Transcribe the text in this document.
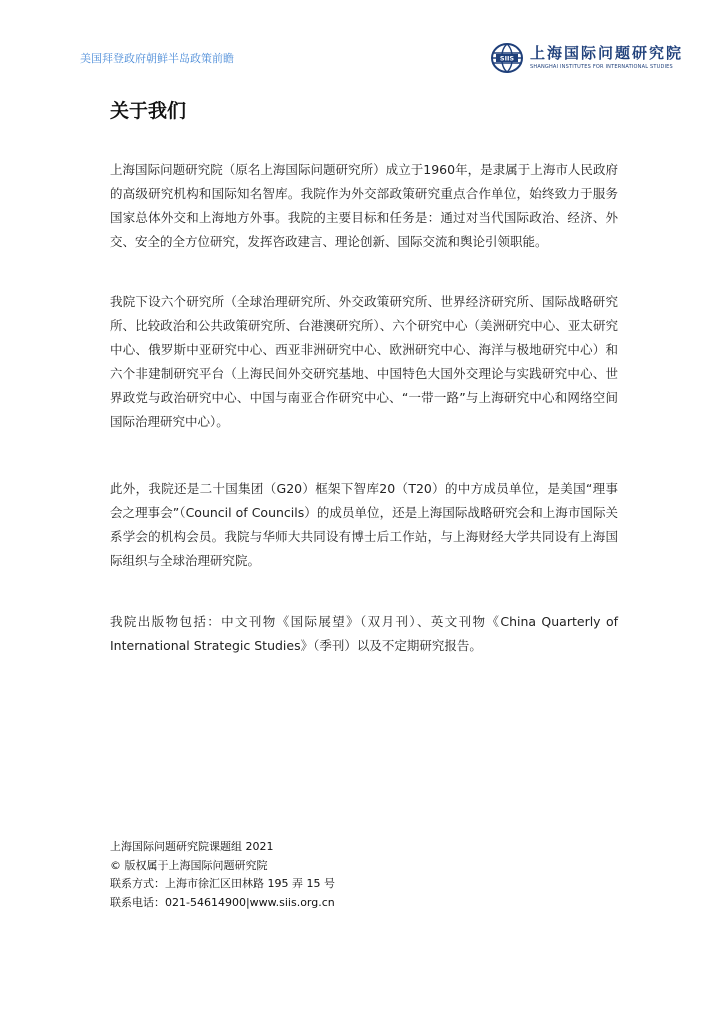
美国拜登政府朝鲜半岛政策前瞻	SIIS 上海国际问题研究院
SHANGHAI INSTITUTES FOR INTERNATIONAL STUDIES
关于我们

上海国际问题研究院（原名上海国际问题研究所）成立于1960年，是隶属于上海市人民政府的高级研究机构和国际知名智库。我院作为外交部政策研究重点合作单位，始终致力于服务国家总体外交和上海地方外事。我院的主要目标和任务是：通过对当代国际政治、经济、外交、安全的全方位研究，发挥咨政建言、理论创新、国际交流和舆论引领职能。

我院下设六个研究所（全球治理研究所、外交政策研究所、世界经济研究所、国际战略研究所、比较政治和公共政策研究所、台港澳研究所）、六个研究中心（美洲研究中心、亚太研究中心、俄罗斯中亚研究中心、西亚非洲研究中心、欧洲研究中心、海洋与极地研究中心）和六个非建制研究平台（上海民间外交研究基地、中国特色大国外交理论与实践研究中心、世界政党与政治研究中心、中国与南亚合作研究中心、“一带一路”与上海研究中心和网络空间国际治理研究中心）。

此外，我院还是二十国集团（G20）框架下智库20（T20）的中方成员单位，是美国“理事会之理事会”（Council of Councils）的成员单位，还是上海国际战略研究会和上海市国际关系学会的机构会员。我院与华师大共同设有博士后工作站，与上海财经大学共同设有上海国际组织与全球治理研究院。

我院出版物包括：中文刊物《国际展望》（双月刊）、英文刊物《China Quarterly of International Strategic Studies》（季刊）以及不定期研究报告。

上海国际问题研究院课题组 2021
© 版权属于上海国际问题研究院
联系方式：上海市徐汇区田林路 195 弄 15 号
联系电话：021-54614900|www.siis.org.cn
